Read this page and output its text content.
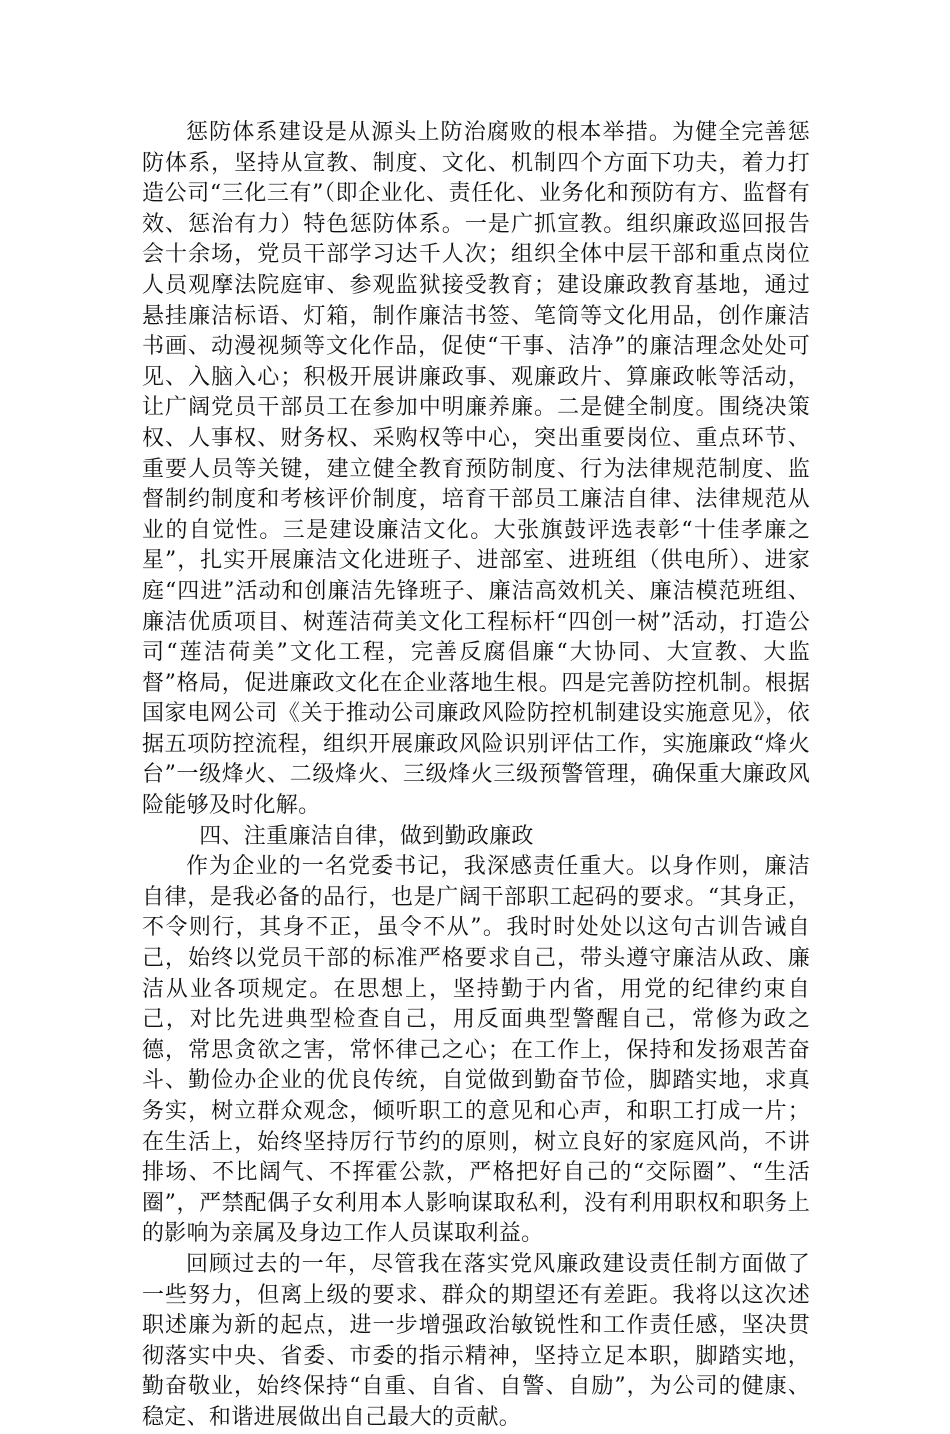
惩防体系建设是从源头上防治腐败的根本举措。为健全完善惩防体系，坚持从宣教、制度、文化、机制四个方面下功夫，着力打造公司“三化三有”（即企业化、责任化、业务化和预防有方、监督有效、惩治有力）特色惩防体系。一是广抓宣教。组织廉政巡回报告会十余场，党员干部学习达千人次；组织全体中层干部和重点岗位人员观摩法院庭审、参观监狱接受教育；建设廉政教育基地，通过悬挂廉洁标语、灯箱，制作廉洁书签、笔筒等文化用品，创作廉洁书画、动漫视频等文化作品，促使“干事、洁净”的廉洁理念处处可见、入脑入心；积极开展讲廉政事、观廉政片、算廉政帐等活动，让广阔党员干部员工在参加中明廉养廉。二是健全制度。围绕决策权、人事权、财务权、采购权等中心，突出重要岗位、重点环节、重要人员等关键，建立健全教育预防制度、行为法律规范制度、监督制约制度和考核评价制度，培育干部员工廉洁自律、法律规范从业的自觉性。三是建设廉洁文化。大张旗鼓评选表彰“十佳孝廉之星”，扎实开展廉洁文化进班子、进部室、进班组（供电所）、进家庭“四进”活动和创廉洁先锋班子、廉洁高效机关、廉洁模范班组、廉洁优质项目、树莲洁荷美文化工程标杆“四创一树”活动，打造公司“莲洁荷美”文化工程，完善反腐倡廉“大协同、大宣教、大监督”格局，促进廉政文化在企业落地生根。四是完善防控机制。根据国家电网公司《关于推动公司廉政风险防控机制建设实施意见》，依据五项防控流程，组织开展廉政风险识别评估工作，实施廉政“烽火台”一级烽火、二级烽火、三级烽火三级预警管理，确保重大廉政风险能够及时化解。

四、注重廉洁自律，做到勤政廉政

作为企业的一名党委书记，我深感责任重大。以身作则，廉洁自律，是我必备的品行，也是广阔干部职工起码的要求。“其身正，不令则行，其身不正，虽令不从”。我时时处处以这句古训告诫自己，始终以党员干部的标准严格要求自己，带头遵守廉洁从政、廉洁从业各项规定。在思想上，坚持勤于内省，用党的纪律约束自己，对比先进典型检查自己，用反面典型警醒自己，常修为政之德，常思贪欲之害，常怀律己之心；在工作上，保持和发扬艰苦奋斗、勤俭办企业的优良传统，自觉做到勤奋节俭，脚踏实地，求真务实，树立群众观念，倾听职工的意见和心声，和职工打成一片；在生活上，始终坚持厉行节约的原则，树立良好的家庭风尚，不讲排场、不比阔气、不挥霍公款，严格把好自己的“交际圈”、“生活圈”，严禁配偶子女利用本人影响谋取私利，没有利用职权和职务上的影响为亲属及身边工作人员谋取利益。

回顾过去的一年，尽管我在落实党风廉政建设责任制方面做了一些努力，但离上级的要求、群众的期望还有差距。我将以这次述职述廉为新的起点，进一步增强政治敏锐性和工作责任感，坚决贯彻落实中央、省委、市委的指示精神，坚持立足本职，脚踏实地，勤奋敬业，始终保持“自重、自省、自警、自励”，为公司的健康、稳定、和谐进展做出自己最大的贡献。
